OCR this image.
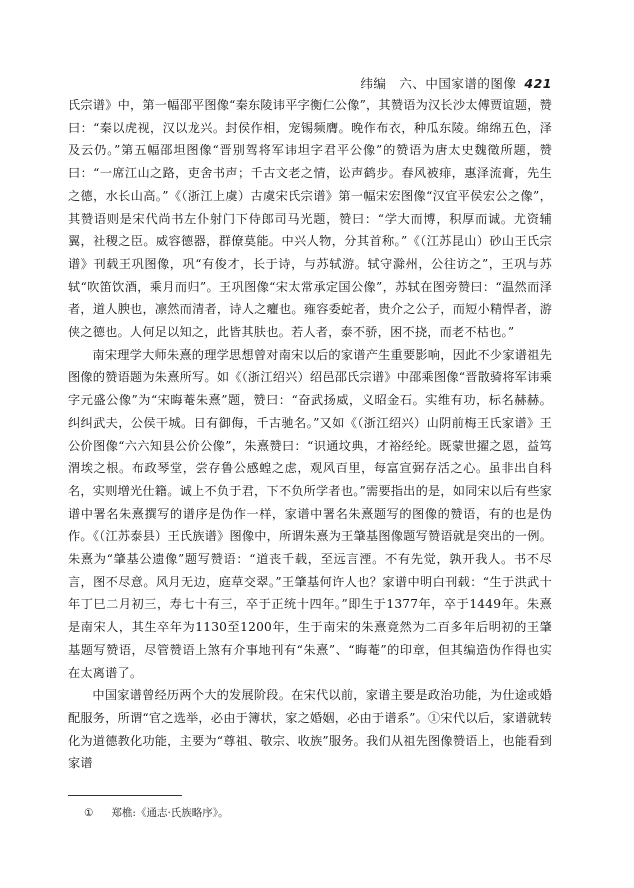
纬编　六、中国家谱的图像 421

氏宗谱》中，第一幅邵平图像“秦东陵讳平字衡仁公像”，其赞语为汉长沙太傅贾谊题，赞曰：“秦以虎视，汉以龙兴。封侯作相，宠锡频膺。晚作布衣，种瓜东陵。绵绵五色，泽及云仍。”第五幅邵坦图像“晋别驾将军讳坦字君平公像”的赞语为唐太史魏徵所题，赞曰：“一席江山之路，吏舍书声；千古文老之情，讼声鹤步。春风被痱，惠泽流膏，先生之德，水长山高。”《（浙江上虞）古虞宋氏宗谱》第一幅宋宏图像“汉宜平侯宏公之像”，其赞语则是宋代尚书左仆射门下侍郎司马光题，赞曰：“学大而博，积厚而诚。尤资辅翼，社稷之臣。威容德器，群僚莫能。中兴人物，分其首称。”《（江苏昆山）砂山王氏宗谱》刊载王巩图像，巩“有俊才，长于诗，与苏轼游。轼守滁州，公往访之”，王巩与苏轼“吹笛饮酒，乘月而归”。王巩图像“宋太常承定国公像”，苏轼在图旁赞曰：“温然而泽者，道人腴也，凛然而清者，诗人之癯也。雍容委蛇者，贵介之公子，而短小精悍者，游侠之德也。人何足以知之，此皆其肤也。若人者，泰不骄，困不挠，而老不枯也。”

南宋理学大师朱熹的理学思想曾对南宋以后的家谱产生重要影响，因此不少家谱祖先图像的赞语题为朱熹所写。如《（浙江绍兴）绍邑邵氏宗谱》中邵乘图像“晋散骑将军讳乘字元盛公像”为“宋晦菴朱熹”题，赞曰：“奋武扬威，义昭金石。实维有功，标名赫赫。纠纠武夫，公侯干城。日有御侮，千古驰名。”又如《（浙江绍兴）山阴前梅王氏家谱》王公价图像“六六知县公价公像”，朱熹赞曰：“识通坟典，才裕经纶。既蒙世擢之恩，益笃渭埃之根。布政琴堂，尝存鲁公感蝗之虑，观风百里，每富宣弼存活之心。虽非出自科名，实则增光仕籍。诚上不负于君，下不负所学者也。”需要指出的是，如同宋以后有些家谱中署名朱熹撰写的谱序是伪作一样，家谱中署名朱熹题写的图像的赞语，有的也是伪作。《（江苏泰县）王氏族谱》图像中，所谓朱熹为王肇基图像题写赞语就是突出的一例。朱熹为“肇基公遗像”题写赞语：“道丧千载，至远言湮。不有先觉，孰开我人。书不尽言，图不尽意。风月无边，庭草交翠。”王肇基何许人也？家谱中明白刊载：“生于洪武十年丁巳二月初三，寿七十有三，卒于正统十四年。”即生于1377年，卒于1449年。朱熹是南宋人，其生卒年为1130至1200年，生于南宋的朱熹竟然为二百多年后明初的王肇基题写赞语，尽管赞语上煞有介事地刊有“朱熹”、“晦菴”的印章，但其编造伪作得也实在太离谱了。

中国家谱曾经历两个大的发展阶段。在宋代以前，家谱主要是政治功能，为仕途或婚配服务，所谓“官之选举，必由于簿状，家之婚姻，必由于谱系”。①宋代以后，家谱就转化为道德教化功能，主要为“尊祖、敬宗、收族”服务。我们从祖先图像赞语上，也能看到家谱

① 郑樵:《通志·氏族略序》。
